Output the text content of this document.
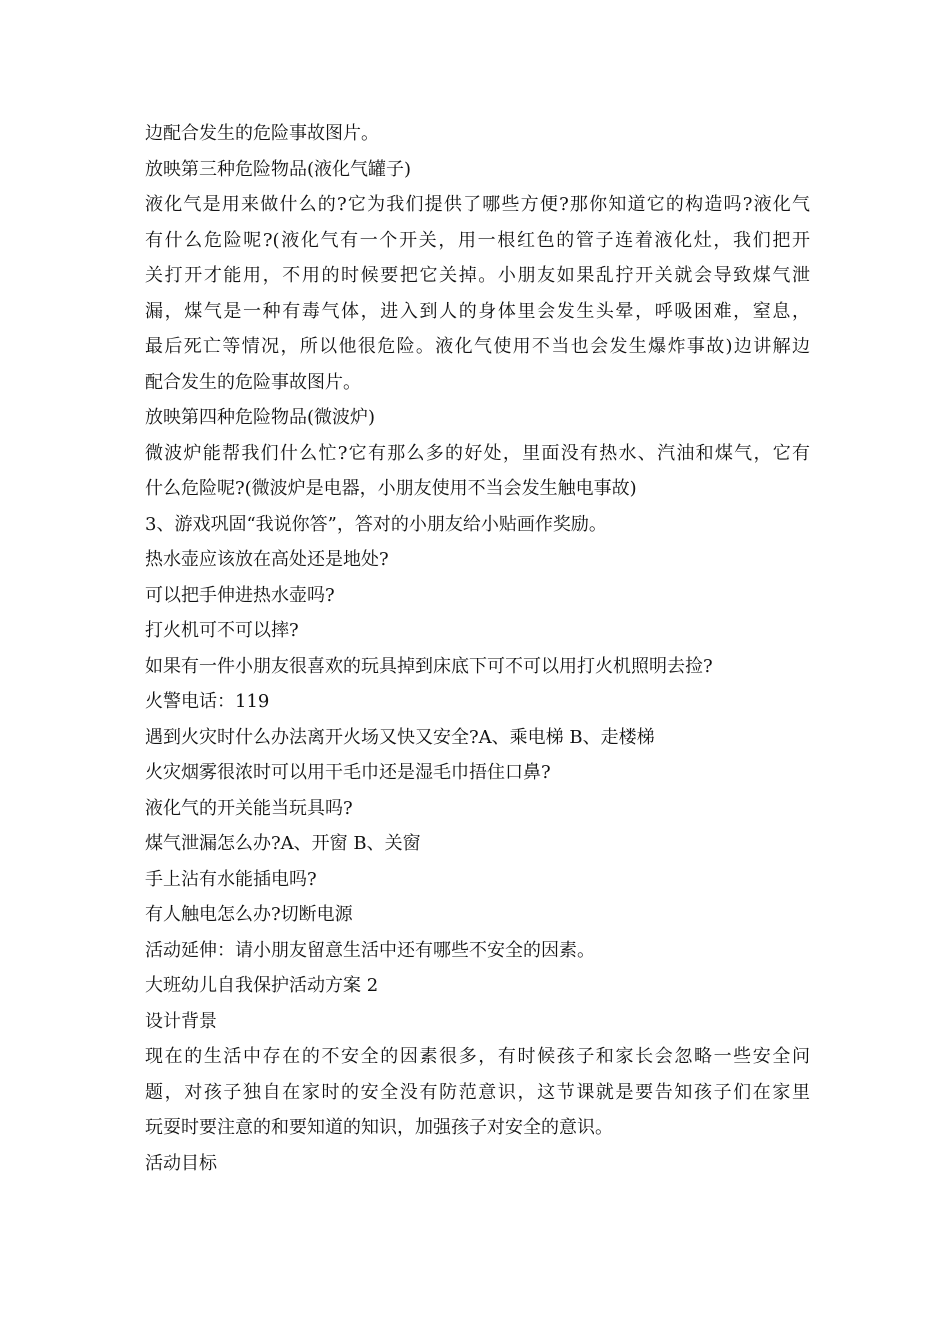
边配合发生的危险事故图片。
放映第三种危险物品(液化气罐子)
液化气是用来做什么的?它为我们提供了哪些方便?那你知道它的构造吗?液化气
有什么危险呢?(液化气有一个开关，用一根红色的管子连着液化灶，我们把开
关打开才能用，不用的时候要把它关掉。小朋友如果乱拧开关就会导致煤气泄
漏，煤气是一种有毒气体，进入到人的身体里会发生头晕，呼吸困难，窒息，
最后死亡等情况，所以他很危险。液化气使用不当也会发生爆炸事故)边讲解边
配合发生的危险事故图片。
放映第四种危险物品(微波炉)
微波炉能帮我们什么忙?它有那么多的好处，里面没有热水、汽油和煤气，它有
什么危险呢?(微波炉是电器，小朋友使用不当会发生触电事故)
3、游戏巩固“我说你答”，答对的小朋友给小贴画作奖励。
热水壶应该放在高处还是地处?
可以把手伸进热水壶吗?
打火机可不可以摔?
如果有一件小朋友很喜欢的玩具掉到床底下可不可以用打火机照明去捡?
火警电话：119
遇到火灾时什么办法离开火场又快又安全?A、乘电梯 B、走楼梯
火灾烟雾很浓时可以用干毛巾还是湿毛巾捂住口鼻?
液化气的开关能当玩具吗?
煤气泄漏怎么办?A、开窗 B、关窗
手上沾有水能插电吗?
有人触电怎么办?切断电源
活动延伸：请小朋友留意生活中还有哪些不安全的因素。
大班幼儿自我保护活动方案 2
设计背景
现在的生活中存在的不安全的因素很多，有时候孩子和家长会忽略一些安全问
题，对孩子独自在家时的安全没有防范意识，这节课就是要告知孩子们在家里
玩耍时要注意的和要知道的知识，加强孩子对安全的意识。
活动目标
